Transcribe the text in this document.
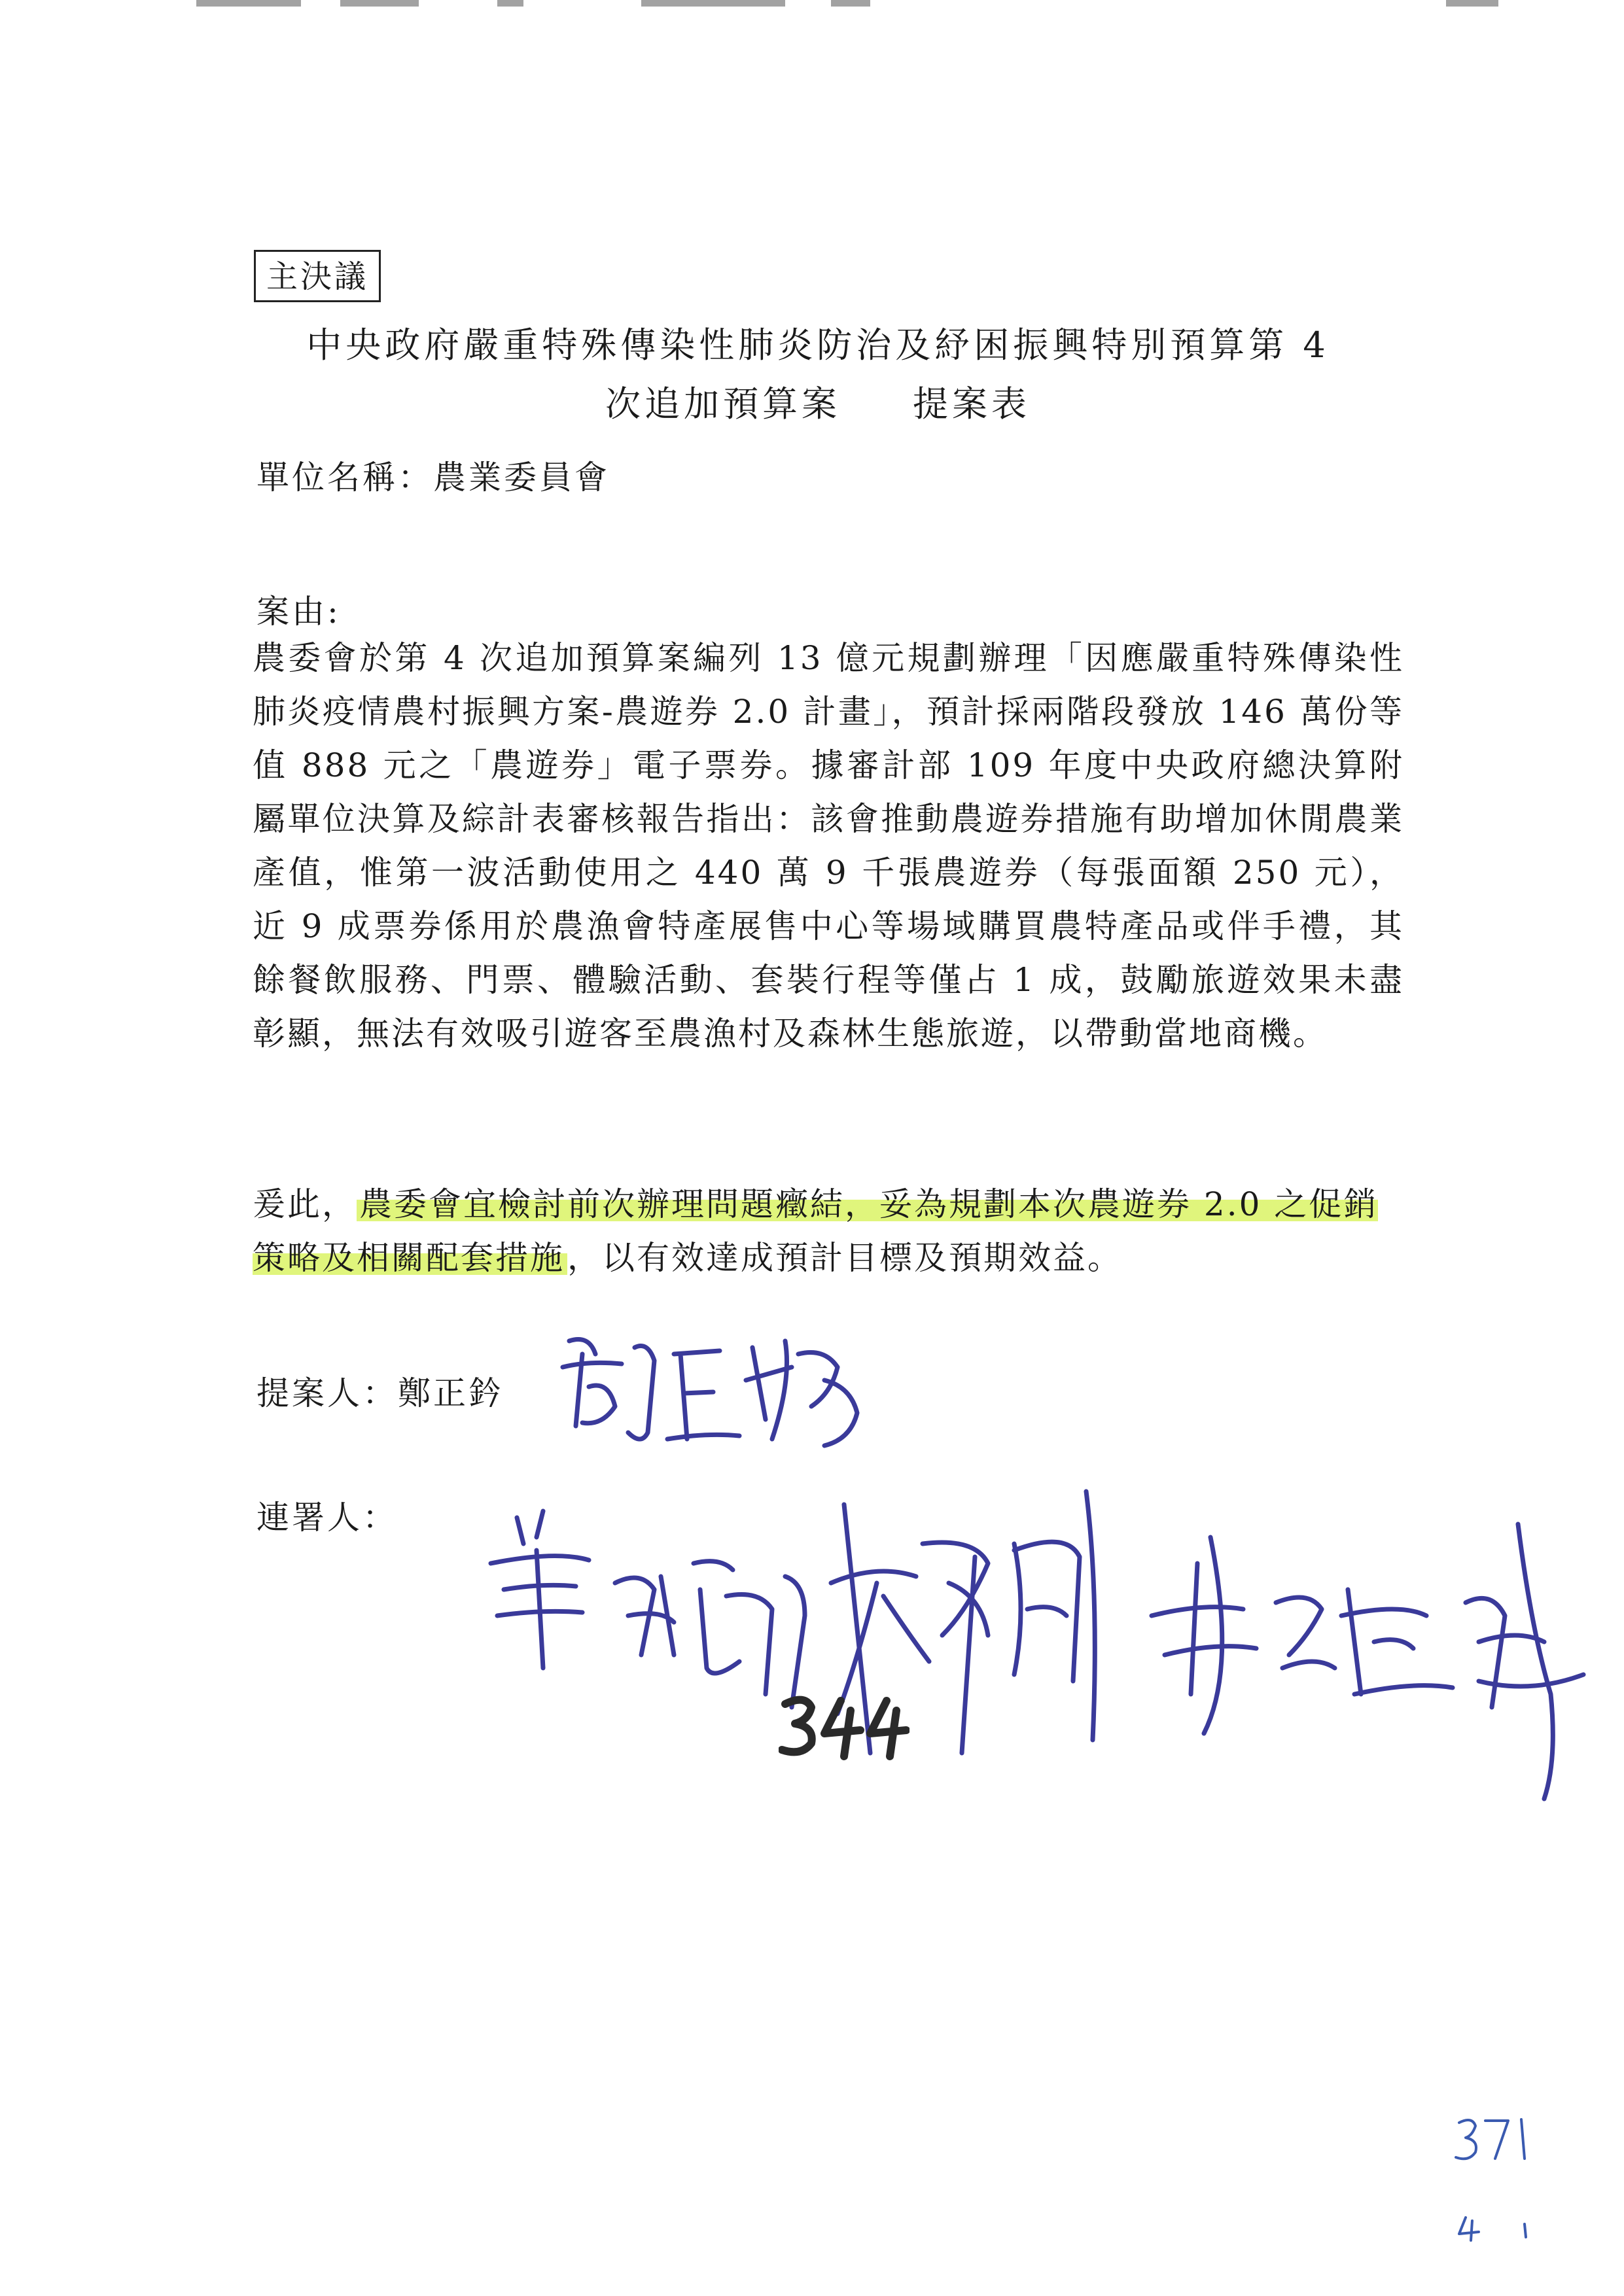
主決議
中央政府嚴重特殊傳染性肺炎防治及紓困振興特別預算第 4
次追加預算案 提案表
單位名稱：農業委員會
案由:

農委會於第 4 次追加預算案編列 13 億元規劃辦理「因應嚴重特殊傳染性肺炎疫情農村振興方案-農遊券 2.0 計畫」，預計採兩階段發放 146 萬份等值 888 元之「農遊券」電子票券。據審計部 109 年度中央政府總決算附屬單位決算及綜計表審核報告指出：該會推動農遊券措施有助增加休閒農業產值，惟第一波活動使用之 440 萬 9 千張農遊券（每張面額 250 元），近 9 成票券係用於農漁會特產展售中心等場域購買農特產品或伴手禮，其餘餐飲服務、門票、體驗活動、套裝行程等僅占 1 成，鼓勵旅遊效果未盡彰顯，無法有效吸引遊客至農漁村及森林生態旅遊，以帶動當地商機。

爰此，農委會宜檢討前次辦理問題癥結，妥為規劃本次農遊券 2.0 之促銷策略及相關配套措施，以有效達成預計目標及預期效益。

提案人：鄭正鈐
連署人：
